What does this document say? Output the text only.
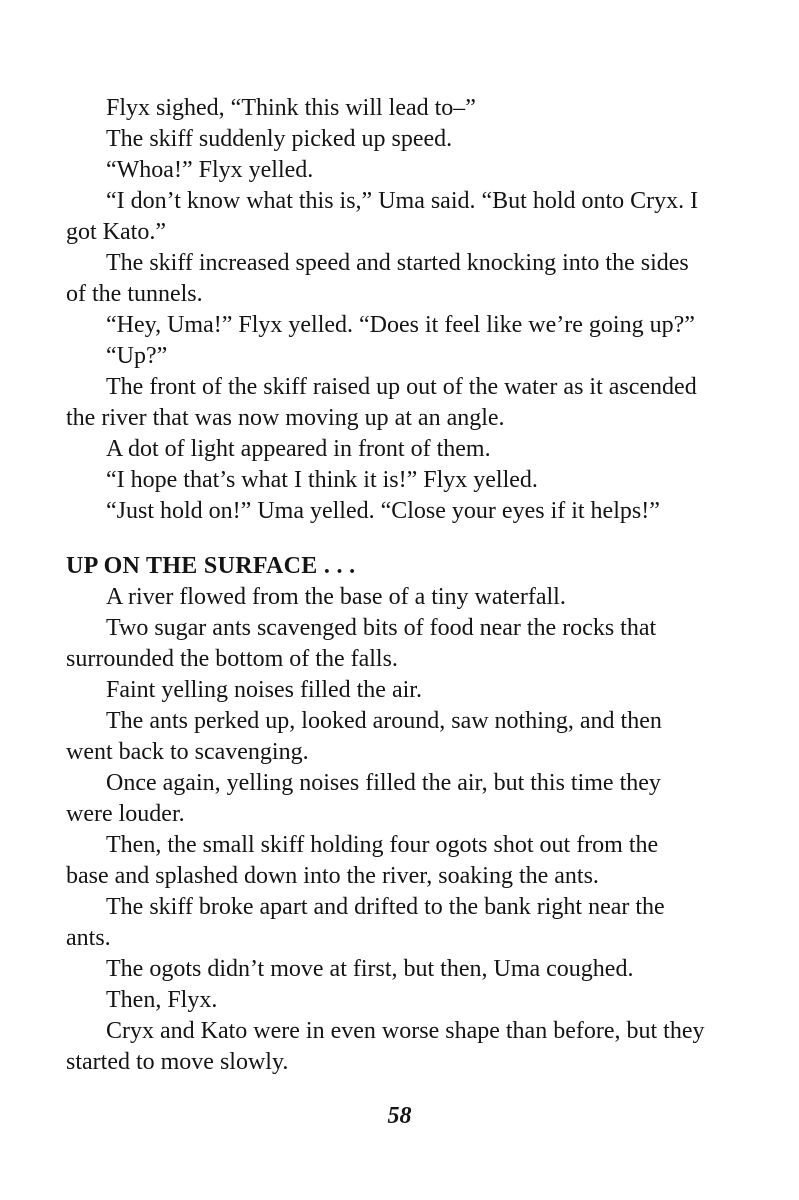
Flyx sighed, “Think this will lead to–”

The skiff suddenly picked up speed.

“Whoa!” Flyx yelled.

“I don’t know what this is,” Uma said. “But hold onto Cryx. I got Kato.”

The skiff increased speed and started knocking into the sides of the tunnels.

“Hey, Uma!” Flyx yelled. “Does it feel like we’re going up?”

“Up?”

The front of the skiff raised up out of the water as it ascended the river that was now moving up at an angle.

A dot of light appeared in front of them.

“I hope that’s what I think it is!” Flyx yelled.

“Just hold on!” Uma yelled. “Close your eyes if it helps!”

UP ON THE SURFACE . . .

A river flowed from the base of a tiny waterfall.

Two sugar ants scavenged bits of food near the rocks that surrounded the bottom of the falls.

Faint yelling noises filled the air.

The ants perked up, looked around, saw nothing, and then went back to scavenging.

Once again, yelling noises filled the air, but this time they were louder.

Then, the small skiff holding four ogots shot out from the base and splashed down into the river, soaking the ants.

The skiff broke apart and drifted to the bank right near the ants.

The ogots didn’t move at first, but then, Uma coughed.

Then, Flyx.

Cryx and Kato were in even worse shape than before, but they started to move slowly.

58
